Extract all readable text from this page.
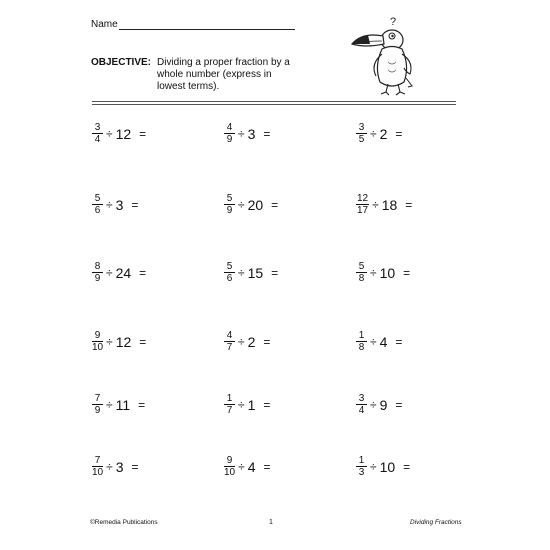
Name
OBJECTIVE: Dividing a proper fraction by a whole number (express in lowest terms).
?
$\frac{3}{4} \div 12$ =	$\frac{4}{9} \div 3$ =	$\frac{3}{5} \div 2$ =
$\frac{5}{6} \div 3$ =	$\frac{5}{9} \div 20$ =	$\frac{12}{17} \div 18$ =
$\frac{8}{9} \div 24$ =	$\frac{5}{6} \div 15$ =	$\frac{5}{8} \div 10$ =
$\frac{9}{10} \div 12$ =	$\frac{4}{7} \div 2$ =	$\frac{1}{8} \div 4$ =
$\frac{7}{9} \div 11$ =	$\frac{1}{7} \div 1$ =	$\frac{3}{4} \div 9$ =
$\frac{7}{10} \div 3$ =	$\frac{9}{10} \div 4$ =	$\frac{1}{3} \div 10$ =
©Remedia Publications	1	Dividing Fractions
